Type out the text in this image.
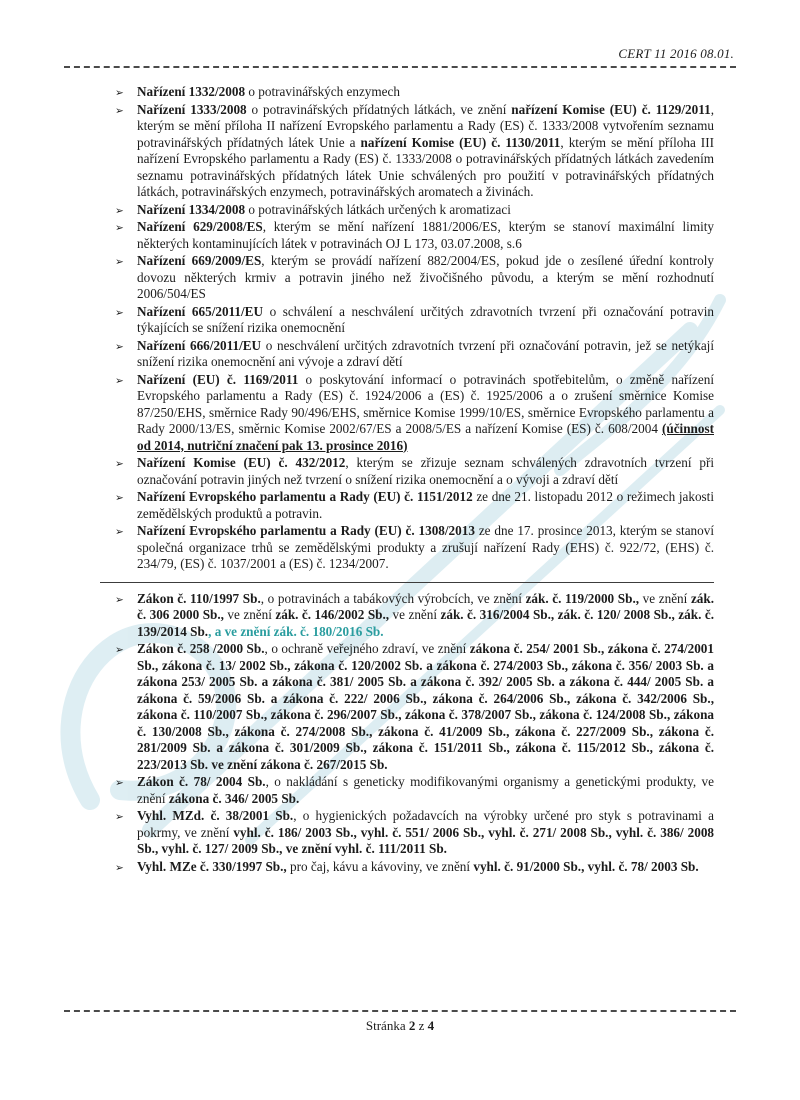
CERT 11 2016 08.01.
➢ Nařízení 1332/2008 o potravinářských enzymech
➢ Nařízení 1333/2008 o potravinářských přídatných látkách, ve znění nařízení Komise (EU) č. 1129/2011, kterým se mění příloha II nařízení Evropského parlamentu a Rady (ES) č. 1333/2008 vytvořením seznamu potravinářských přídatných látek Unie a nařízení Komise (EU) č. 1130/2011, kterým se mění příloha III nařízení Evropského parlamentu a Rady (ES) č. 1333/2008 o potravinářských přídatných látkách zavedením seznamu potravinářských přídatných látek Unie schválených pro použití v potravinářských přídatných látkách, potravinářských enzymech, potravinářských aromatech a živinách.
➢ Nařízení 1334/2008 o potravinářských látkách určených k aromatizaci
➢ Nařízení 629/2008/ES, kterým se mění nařízení 1881/2006/ES, kterým se stanoví maximální limity některých kontaminujících látek v potravinách OJ L 173, 03.07.2008, s.6
➢ Nařízení 669/2009/ES, kterým se provádí nařízení 882/2004/ES, pokud jde o zesílené úřední kontroly dovozu některých krmiv a potravin jiného než živočišného původu, a kterým se mění rozhodnutí 2006/504/ES
➢ Nařízení 665/2011/EU o schválení a neschválení určitých zdravotních tvrzení při označování potravin týkajících se snížení rizika onemocnění
➢ Nařízení 666/2011/EU o neschválení určitých zdravotních tvrzení při označování potravin, jež se netýkají snížení rizika onemocnění ani vývoje a zdraví dětí
➢ Nařízení (EU) č. 1169/2011 o poskytování informací o potravinách spotřebitelům, o změně nařízení Evropského parlamentu a Rady (ES) č. 1924/2006 a (ES) č. 1925/2006 a o zrušení směrnice Komise 87/250/EHS, směrnice Rady 90/496/EHS, směrnice Komise 1999/10/ES, směrnice Evropského parlamentu a Rady 2000/13/ES, směrnic Komise 2002/67/ES a 2008/5/ES a nařízení Komise (ES) č. 608/2004 (účinnost od 2014, nutriční značení pak 13. prosince 2016)
➢ Nařízení Komise (EU) č. 432/2012, kterým se zřizuje seznam schválených zdravotních tvrzení při označování potravin jiných než tvrzení o snížení rizika onemocnění a o vývoji a zdraví dětí
➢ Nařízení Evropského parlamentu a Rady (EU) č. 1151/2012 ze dne 21. listopadu 2012 o režimech jakosti zemědělských produktů a potravin.
➢ Nařízení Evropského parlamentu a Rady (EU) č. 1308/2013 ze dne 17. prosince 2013, kterým se stanoví společná organizace trhů se zemědělskými produkty a zrušují nařízení Rady (EHS) č. 922/72, (EHS) č. 234/79, (ES) č. 1037/2001 a (ES) č. 1234/2007.
➢ Zákon č. 110/1997 Sb., o potravinách a tabákových výrobcích, ve znění zák. č. 119/2000 Sb., ve znění zák. č. 306 2000 Sb., ve znění zák. č. 146/2002 Sb., ve znění zák. č. 316/2004 Sb., zák. č. 120/ 2008 Sb., zák. č. 139/2014 Sb., a ve znění zák. č. 180/2016 Sb.
➢ Zákon č. 258 /2000 Sb., o ochraně veřejného zdraví, ve znění zákona č. 254/ 2001 Sb., zákona č. 274/2001 Sb., zákona č. 13/ 2002 Sb., zákona č. 120/2002 Sb. a zákona č. 274/2003 Sb., zákona č. 356/ 2003 Sb. a zákona 253/ 2005 Sb. a zákona č. 381/ 2005 Sb. a zákona č. 392/ 2005 Sb. a zákona č. 444/ 2005 Sb. a zákona č. 59/2006 Sb. a zákona č. 222/ 2006 Sb., zákona č. 264/2006 Sb., zákona č. 342/2006 Sb., zákona č. 110/2007 Sb., zákona č. 296/2007 Sb., zákona č. 378/2007 Sb., zákona č. 124/2008 Sb., zákona č. 130/2008 Sb., zákona č. 274/2008 Sb., zákona č. 41/2009 Sb., zákona č. 227/2009 Sb., zákona č. 281/2009 Sb. a zákona č. 301/2009 Sb., zákona č. 151/2011 Sb., zákona č. 115/2012 Sb., zákona č. 223/2013 Sb. ve znění zákona č. 267/2015 Sb.
➢ Zákon č. 78/ 2004 Sb., o nakládání s geneticky modifikovanými organismy a genetickými produkty, ve znění zákona č. 346/ 2005 Sb.
➢ Vyhl. MZd. č. 38/2001 Sb., o hygienických požadavcích na výrobky určené pro styk s potravinami a pokrmy, ve znění vyhl. č. 186/ 2003 Sb., vyhl. č. 551/ 2006 Sb., vyhl. č. 271/ 2008 Sb., vyhl. č. 386/ 2008 Sb., vyhl. č. 127/ 2009 Sb., ve znění vyhl. č. 111/2011 Sb.
➢ Vyhl. MZe č. 330/1997 Sb., pro čaj, kávu a kávoviny, ve znění vyhl. č. 91/2000 Sb., vyhl. č. 78/ 2003 Sb.
Stránka 2 z 4
